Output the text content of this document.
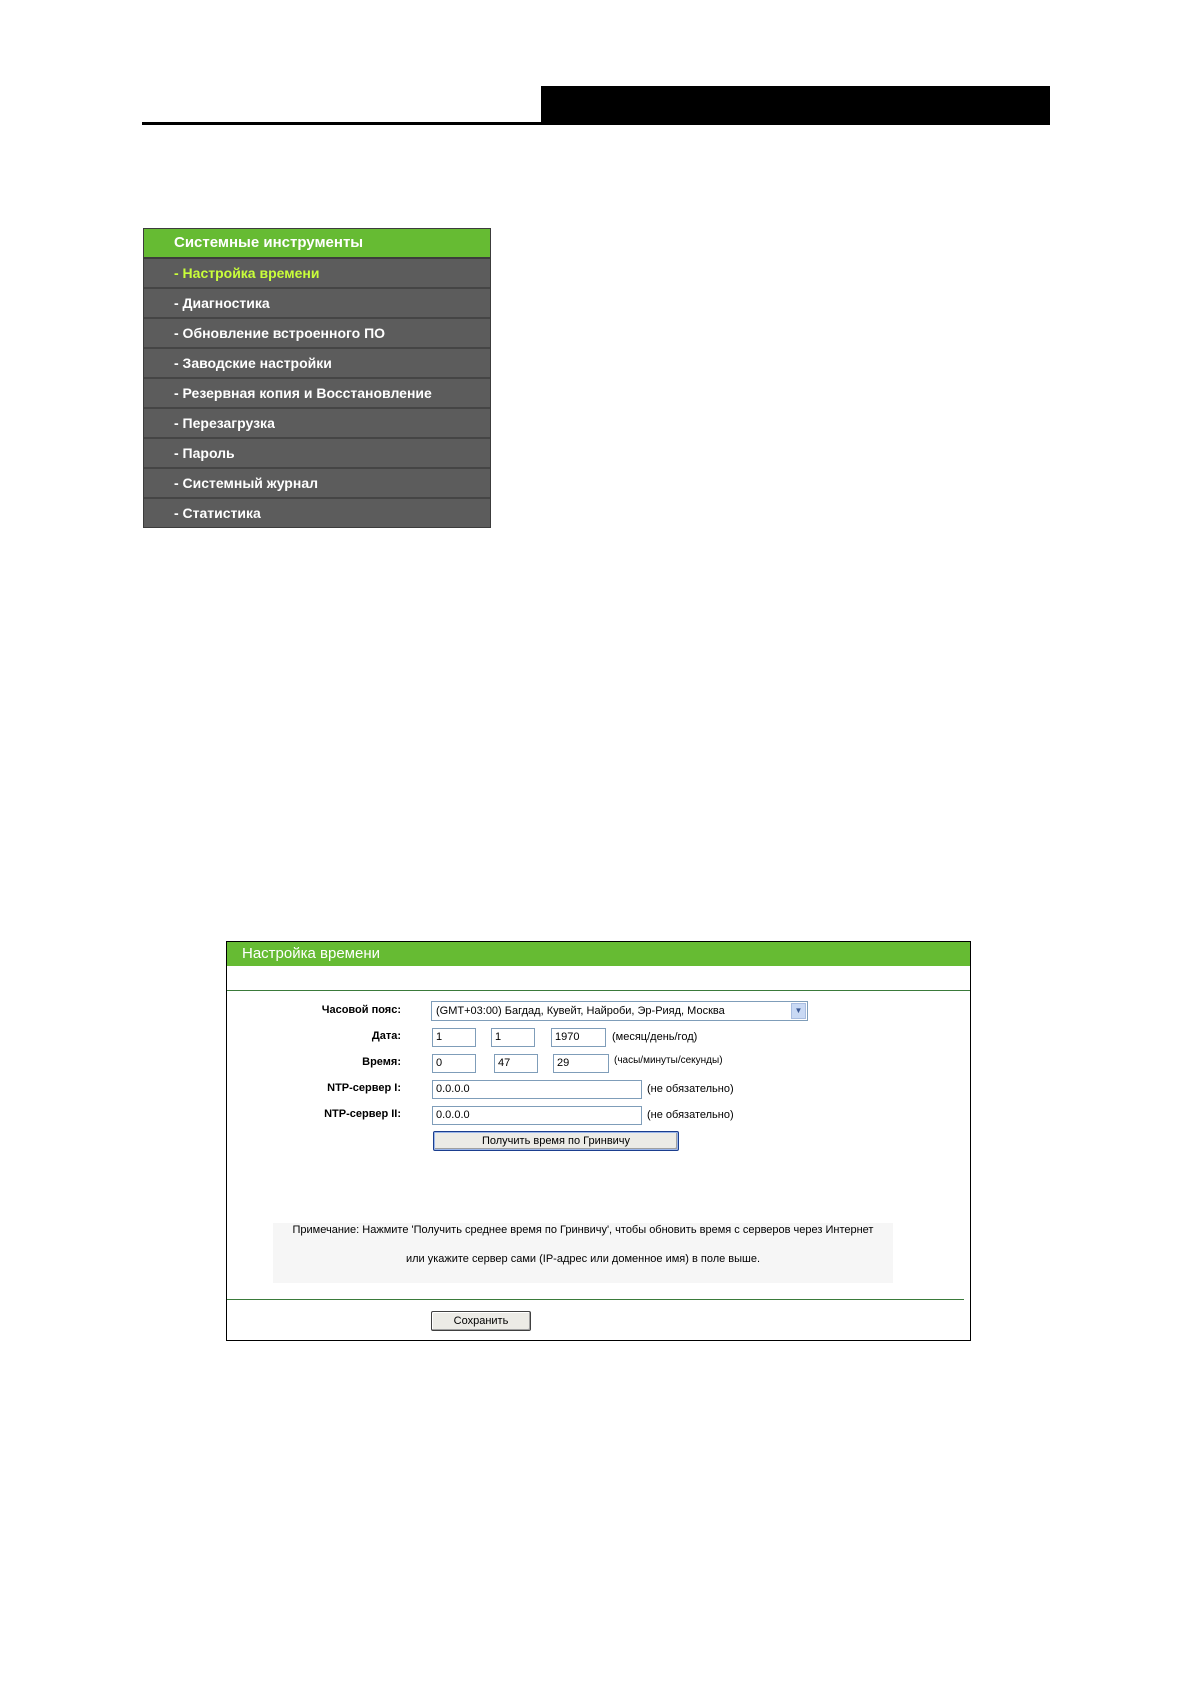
Системные инструменты
- Настройка времени
- Диагностика
- Обновление встроенного ПО
- Заводские настройки
- Резервная копия и Восстановление
- Перезагрузка
- Пароль
- Системный журнал
- Статистика
Настройка времени
Часовой пояс:	(GMT+03:00) Багдад, Кувейт, Найроби, Эр-Рияд, Москва	▼
Дата:	1	1	1970	(месяц/день/год)
Время:	0	47	29	(часы/минуты/секунды)
NTP-сервер I:	0.0.0.0	(не обязательно)
NTP-сервер II:	0.0.0.0	(не обязательно)
Получить время по Гринвичу
Примечание: Нажмите 'Получить среднее время по Гринвичу', чтобы обновить время с серверов через Интернет
или укажите сервер сами (IP-адрес или доменное имя) в поле выше.
Сохранить
